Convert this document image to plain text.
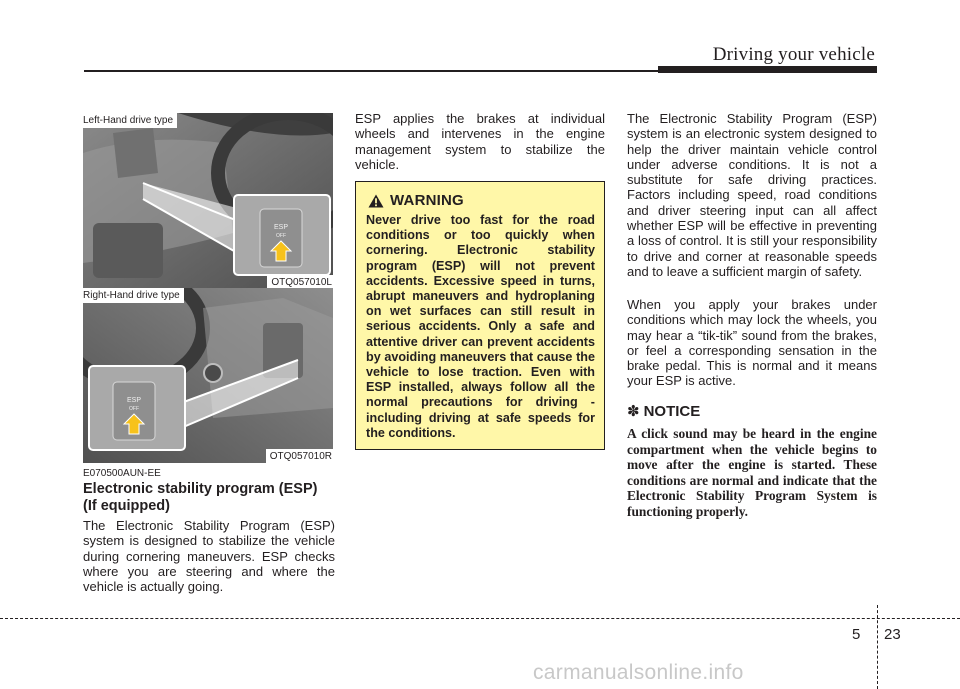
Driving your vehicle
ESP
OFF
Left-Hand drive type
OTQ057010L
ESP
OFF
Right-Hand drive type
OTQ057010R
E070500AUN-EE
Electronic stability program (ESP) (If equipped)
The Electronic Stability Program (ESP) system is designed to stabilize the vehicle during cornering maneuvers. ESP checks where you are steering and where the vehicle is actually going.
ESP applies the brakes at individual wheels and intervenes in the engine management system to stabilize the vehicle.
WARNING
Never drive too fast for the road conditions or too quickly when cornering. Electronic stability program (ESP) will not prevent accidents. Excessive speed in turns, abrupt maneuvers and hydroplaning on wet surfaces can still result in serious accidents. Only a safe and attentive driver can prevent accidents by avoiding maneuvers that cause the vehicle to lose traction. Even with ESP installed, always follow all the normal precautions for driving - including driving at safe speeds for the conditions.
The Electronic Stability Program (ESP) system is an electronic system designed to help the driver maintain vehicle control under adverse conditions. It is not a substitute for safe driving practices. Factors including speed, road conditions and driver steering input can all affect whether ESP will be effective in preventing a loss of control. It is still your responsibility to drive and corner at reasonable speeds and to leave a sufficient margin of safety.
When you apply your brakes under conditions which may lock the wheels, you may hear a “tik-tik” sound from the brakes, or feel a corresponding sensation in the brake pedal. This is normal and it means your ESP is active.
✽ NOTICE
A click sound may be heard in the engine compartment when the vehicle begins to move after the engine is started. These conditions are normal and indicate that the Electronic Stability Program System is functioning properly.
5 23
carmanualsonline.info
